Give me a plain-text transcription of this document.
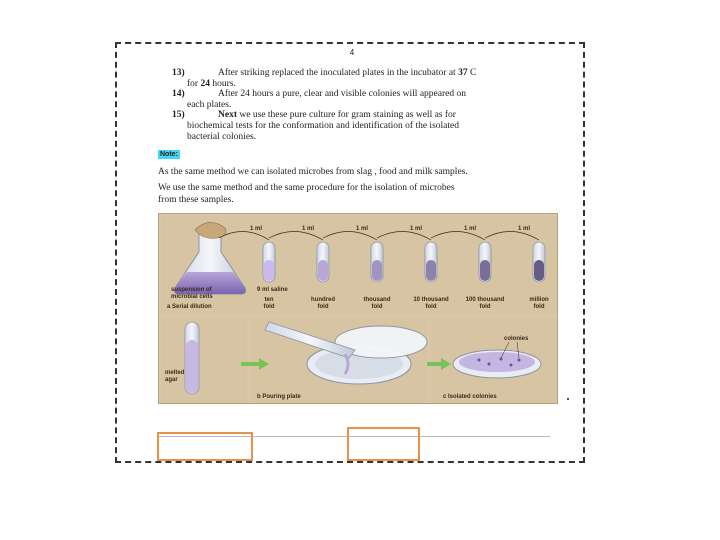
4
13)	After striking replaced the inoculated plates in the incubator at 37 C
for 24 hours.
14)	After 24 hours a pure, clear and visible colonies will appeared on
each plates.
15)	Next we use these pure culture for gram staining as well as for
biochemical tests for the conformation and identification of the isolated
bacterial colonies.
Note:
As the same method we can isolated microbes from slag , food and milk samples.
We use the same method and the same procedure for the isolation of microbes
from these samples.
1 ml
ten
fold
1 ml
hundred
fold
1 ml
thousand
fold
1 ml
10 thousand
fold
1 ml
100 thousand
fold
1 ml
million
fold
suspension of
microbial cells
a Serial dilution
9 ml saline
melted
agar
b Pouring plate
colonies
c Isolated colonies
